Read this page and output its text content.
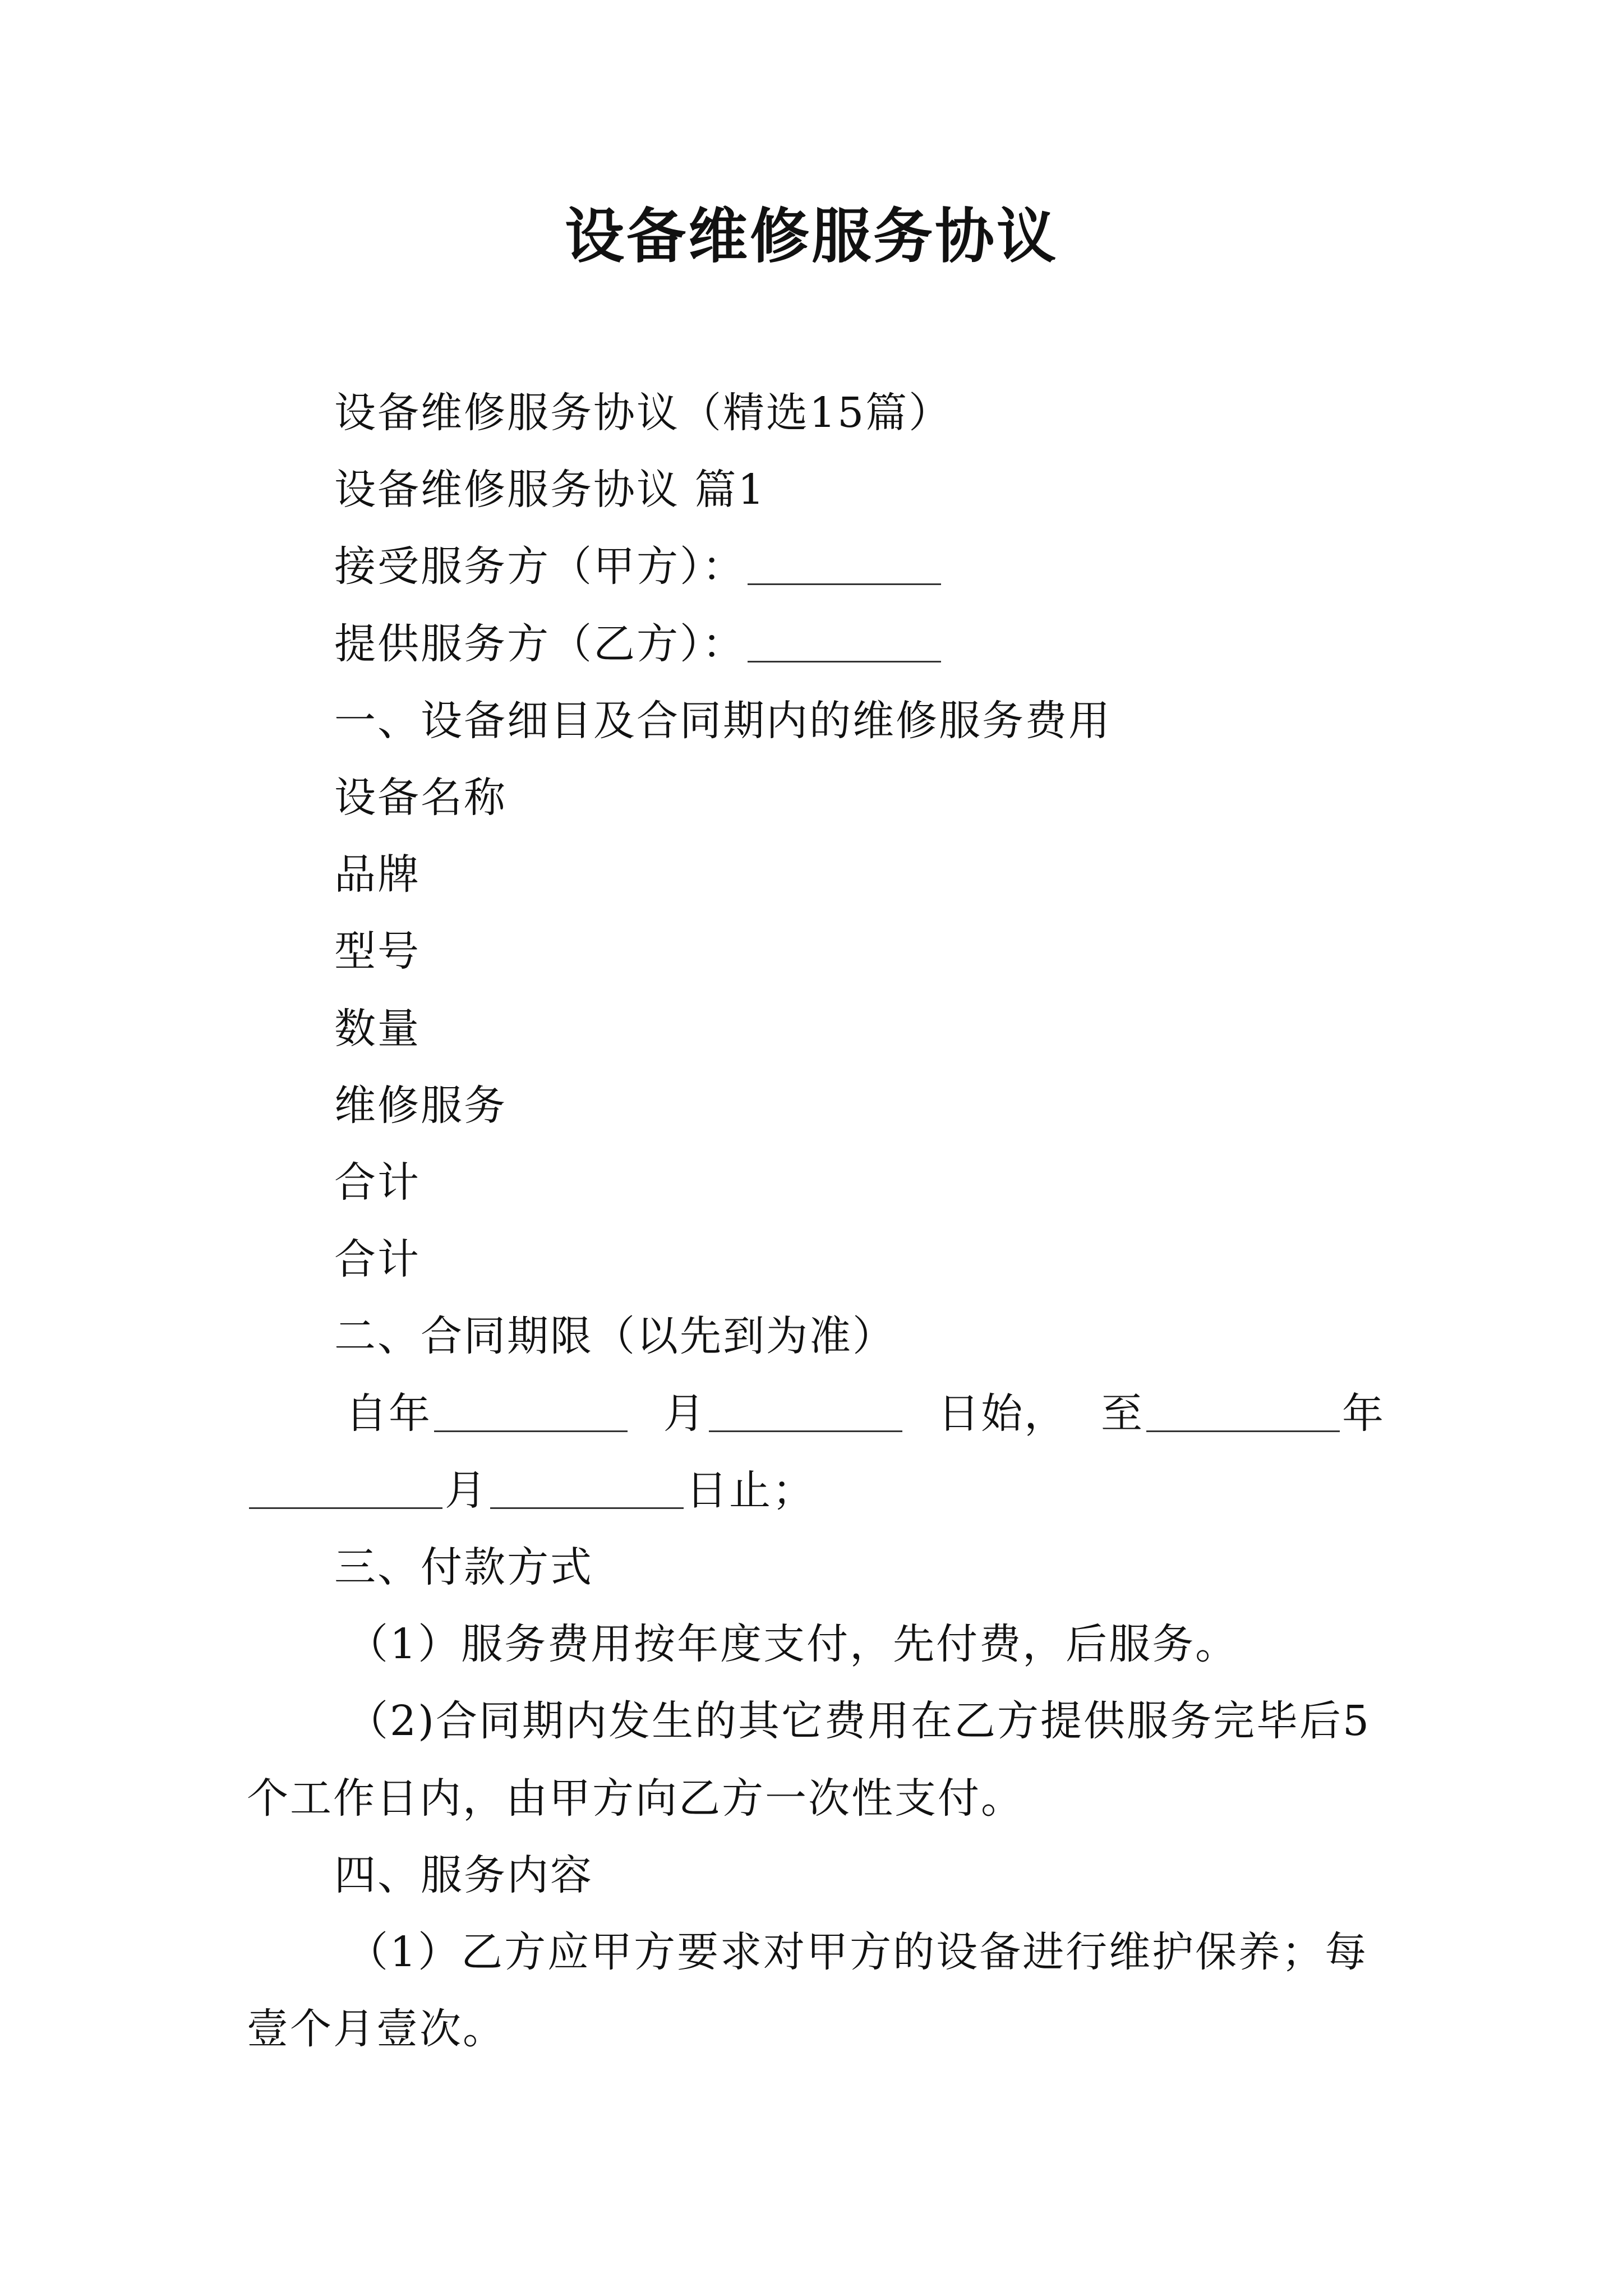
设备维修服务协议

设备维修服务协议（精选15篇）

设备维修服务协议 篇1

接受服务方（甲方）：

提供服务方（乙方）：

一、设备细目及合同期内的维修服务费用

设备名称

品牌

型号

数量

维修服务

合计

合计

二、合同期限（以先到为准）

自年	月	日始， 至	年

月	日止；

三、付款方式

（1）服务费用按年度支付，先付费，后服务。

（2)合同期内发生的其它费用在乙方提供服务完毕后5

个工作日内，由甲方向乙方一次性支付。

四、服务内容

（1）乙方应甲方要求对甲方的设备进行维护保养；每

壹个月壹次。
